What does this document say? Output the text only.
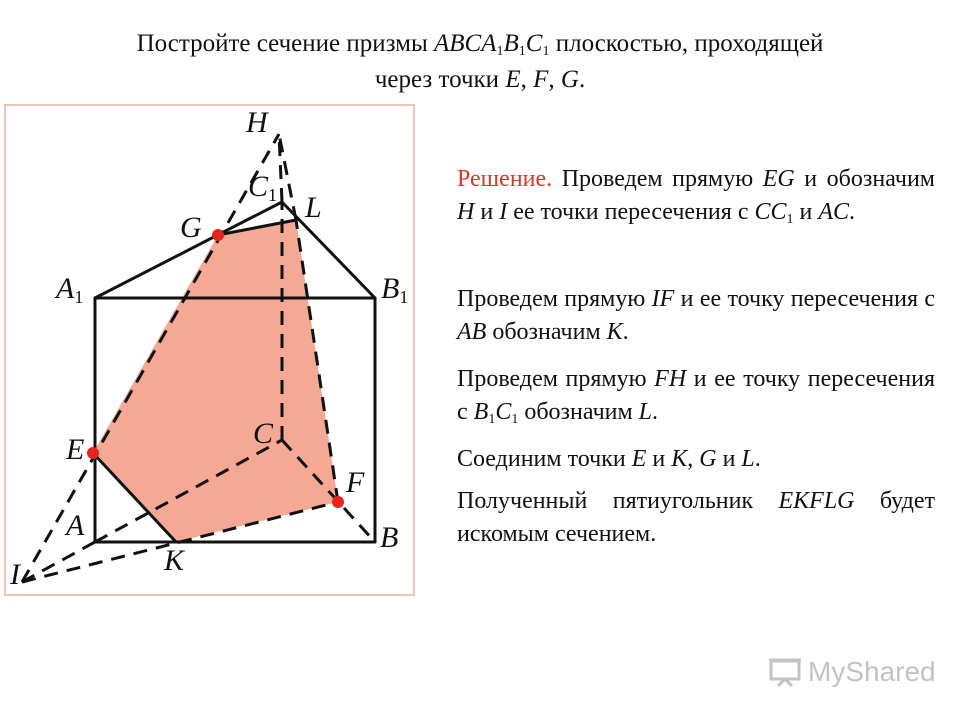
Постройте сечение призмы $ABCA_1B_1C_1$ плоскостью, проходящей
через точки E, F, G.
H
C1 L
G
A1	B1
C
E
F
A	B
K
I

Решение. Проведем прямую EG и обозначим H и I ее точки пересечения с $CC_1$ и AC.

Проведем прямую IF и ее точку пересечения с AB обозначим K.

Проведем прямую FH и ее точку пересечения с $B_1C_1$ обозначим L.

Соединим точки E и K, G и L.

Полученный пятиугольник EKFLG будет искомым сечением.

MyShared
